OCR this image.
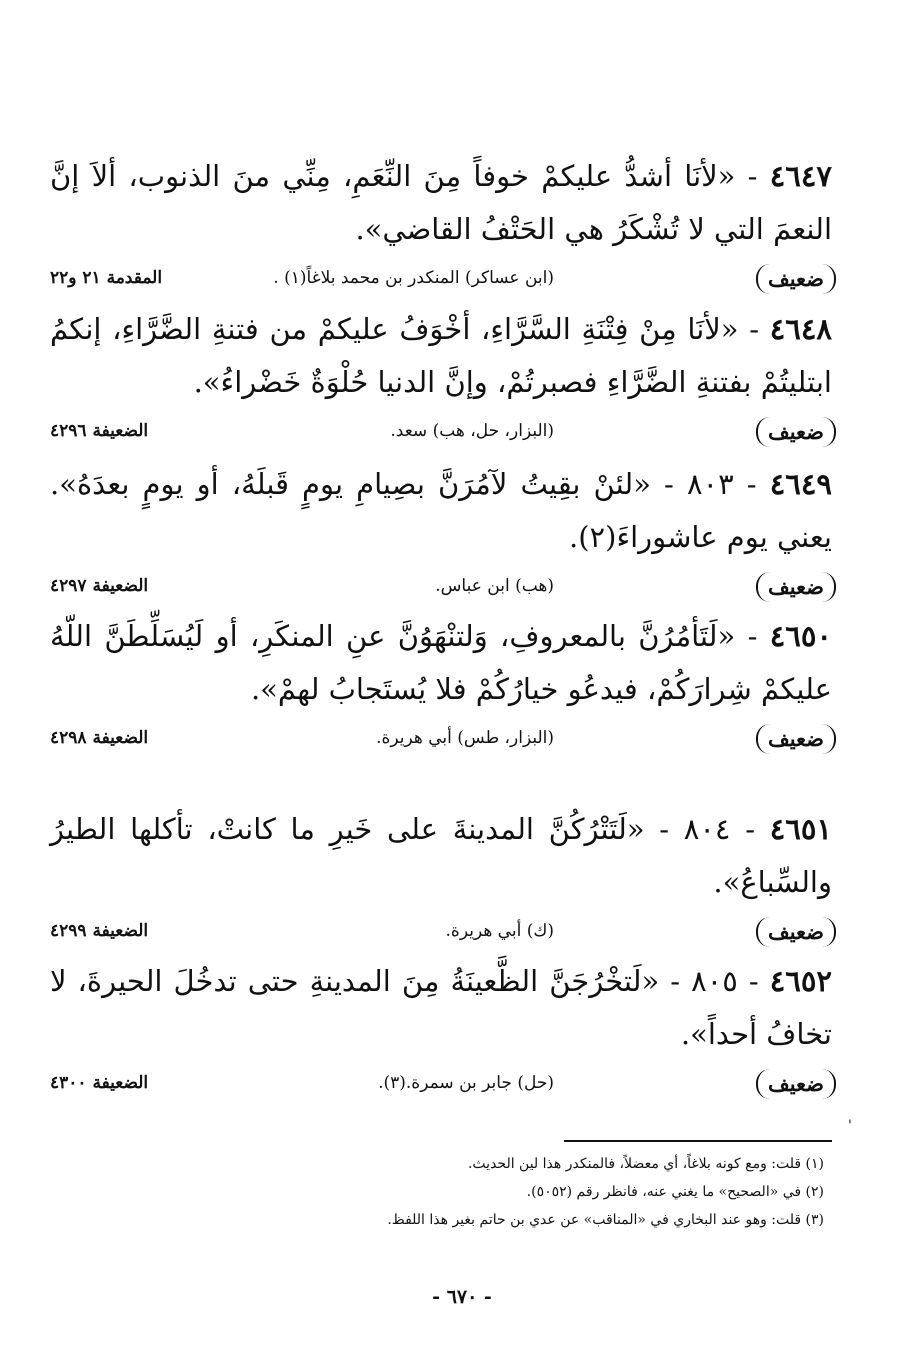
٤٦٤٧ - «لأنَا أشدُّ عليكمْ خوفاً مِنَ النِّعَمِ، مِنِّي منَ الذنوب، ألاَ إنَّ النعمَ التي لا تُشْكَرُ هي الحَتْفُ القاضي».

ضعيف
(ابن عساكر) المنكدر بن محمد بلاغاً(١) .
المقدمة ٢١ و٢٢

٤٦٤٨ - «لأنَا مِنْ فِتْنَةِ السَّرَّاءِ، أخْوَفُ عليكمْ من فتنةِ الضَّرَّاءِ، إنكمُ ابتليتُمْ بفتنةِ الضَّرَّاءِ فصبرتُمْ، وإنَّ الدنيا حُلْوَةٌ خَضْراءُ».

ضعيف
(البزار، حل، هب) سعد.
الضعيفة ٤٢٩٦

٤٦٤٩ - ٨٠٣ - «لئنْ بقِيتُ لآمُرَنَّ بصِيامِ يومٍ قَبلَهُ، أو يومٍ بعدَهُ». يعني يوم عاشوراءَ(٢).

ضعيف
(هب) ابن عباس.
الضعيفة ٤٢٩٧

٤٦٥٠ - «لَتَأمُرُنَّ بالمعروفِ، وَلتنْهَوُنَّ عنِ المنكَرِ، أو لَيُسَلِّطَنَّ اللّهُ عليكمْ شِرارَكُمْ، فيدعُو خيارُكُمْ فلا يُستَجابُ لهمْ».

ضعيف
(البزار، طس) أبي هريرة.
الضعيفة ٤٢٩٨

٤٦٥١ - ٨٠٤ - «لَتَتْرُكُنَّ المدينةَ على خَيرِ ما كانتْ، تأكلها الطيرُ والسِّباعُ».

ضعيف
(ك) أبي هريرة.
الضعيفة ٤٢٩٩

٤٦٥٢ - ٨٠٥ - «لَتخْرُجَنَّ الظَّعينَةُ مِنَ المدينةِ حتى تدخُلَ الحيرةَ، لا تخافُ أحداً».

ضعيف
(حل) جابر بن سمرة.(٣).
الضعيفة ٤٣٠٠
'

(١) قلت: ومع كونه بلاغاً، أي معضلاً، فالمنكدر هذا لين الحديث.

(٢) في «الصحيح» ما يغني عنه، فانظر رقم (٥٠٥٢).

(٣) قلت: وهو عند البخاري في «المناقب» عن عدي بن حاتم بغير هذا اللفظ.

- ٦٧٠ -
